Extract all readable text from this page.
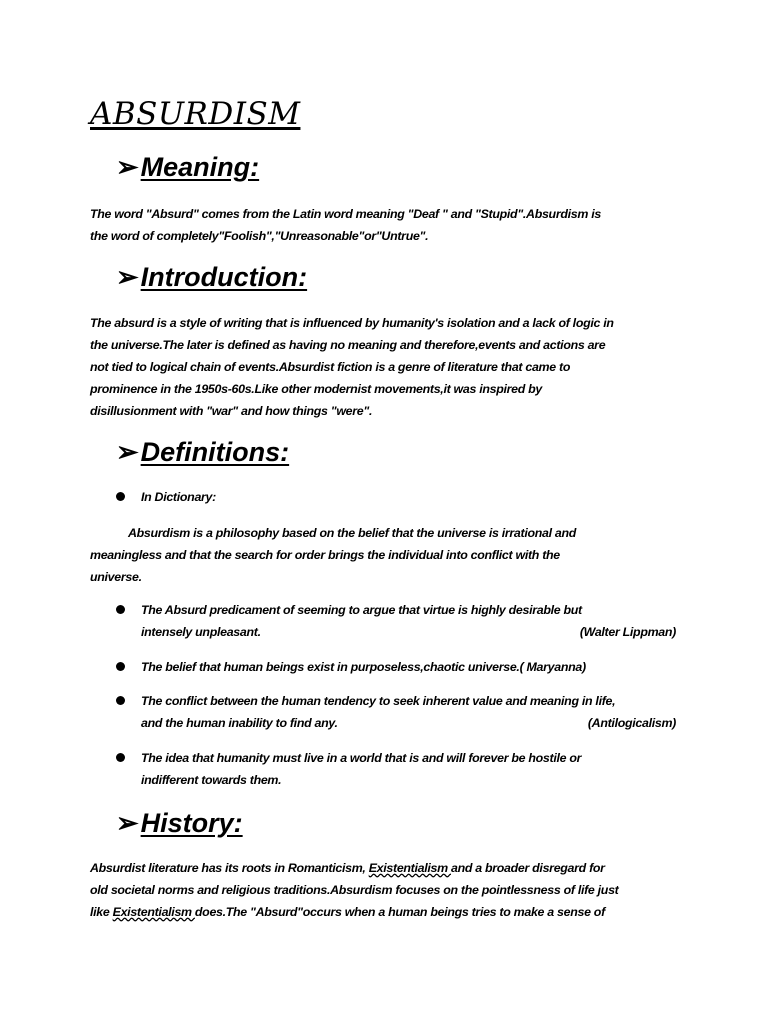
ABSURDISM
➢Meaning:
The word "Absurd" comes from the Latin word meaning "Deaf " and "Stupid".Absurdism is
the word of completely"Foolish","Unreasonable"or"Untrue".
➢Introduction:
The absurd is a style of writing that is influenced by humanity's isolation and a lack of logic in
the universe.The later is defined as having no meaning and therefore,events and actions are
not tied to logical chain of events.Absurdist fiction is a genre of literature that came to
prominence in the 1950s-60s.Like other modernist movements,it was inspired by
disillusionment with "war" and how things "were".
➢Definitions:
In Dictionary:
Absurdism is a philosophy based on the belief that the universe is irrational and
meaningless and that the search for order brings the individual into conflict with the
universe.
The Absurd predicament of seeming to argue that virtue is highly desirable but
intensely unpleasant.	(Walter Lippman)
The belief that human beings exist in purposeless,chaotic universe.( Maryanna)
The conflict between the human tendency to seek inherent value and meaning in life,
and the human inability to find any.	(Antilogicalism)
The idea that humanity must live in a world that is and will forever be hostile or
indifferent towards them.
➢History:
Absurdist literature has its roots in Romanticism, Existentialism and a broader disregard for
old societal norms and religious traditions.Absurdism focuses on the pointlessness of life just
like Existentialism does.The "Absurd"occurs when a human beings tries to make a sense of
